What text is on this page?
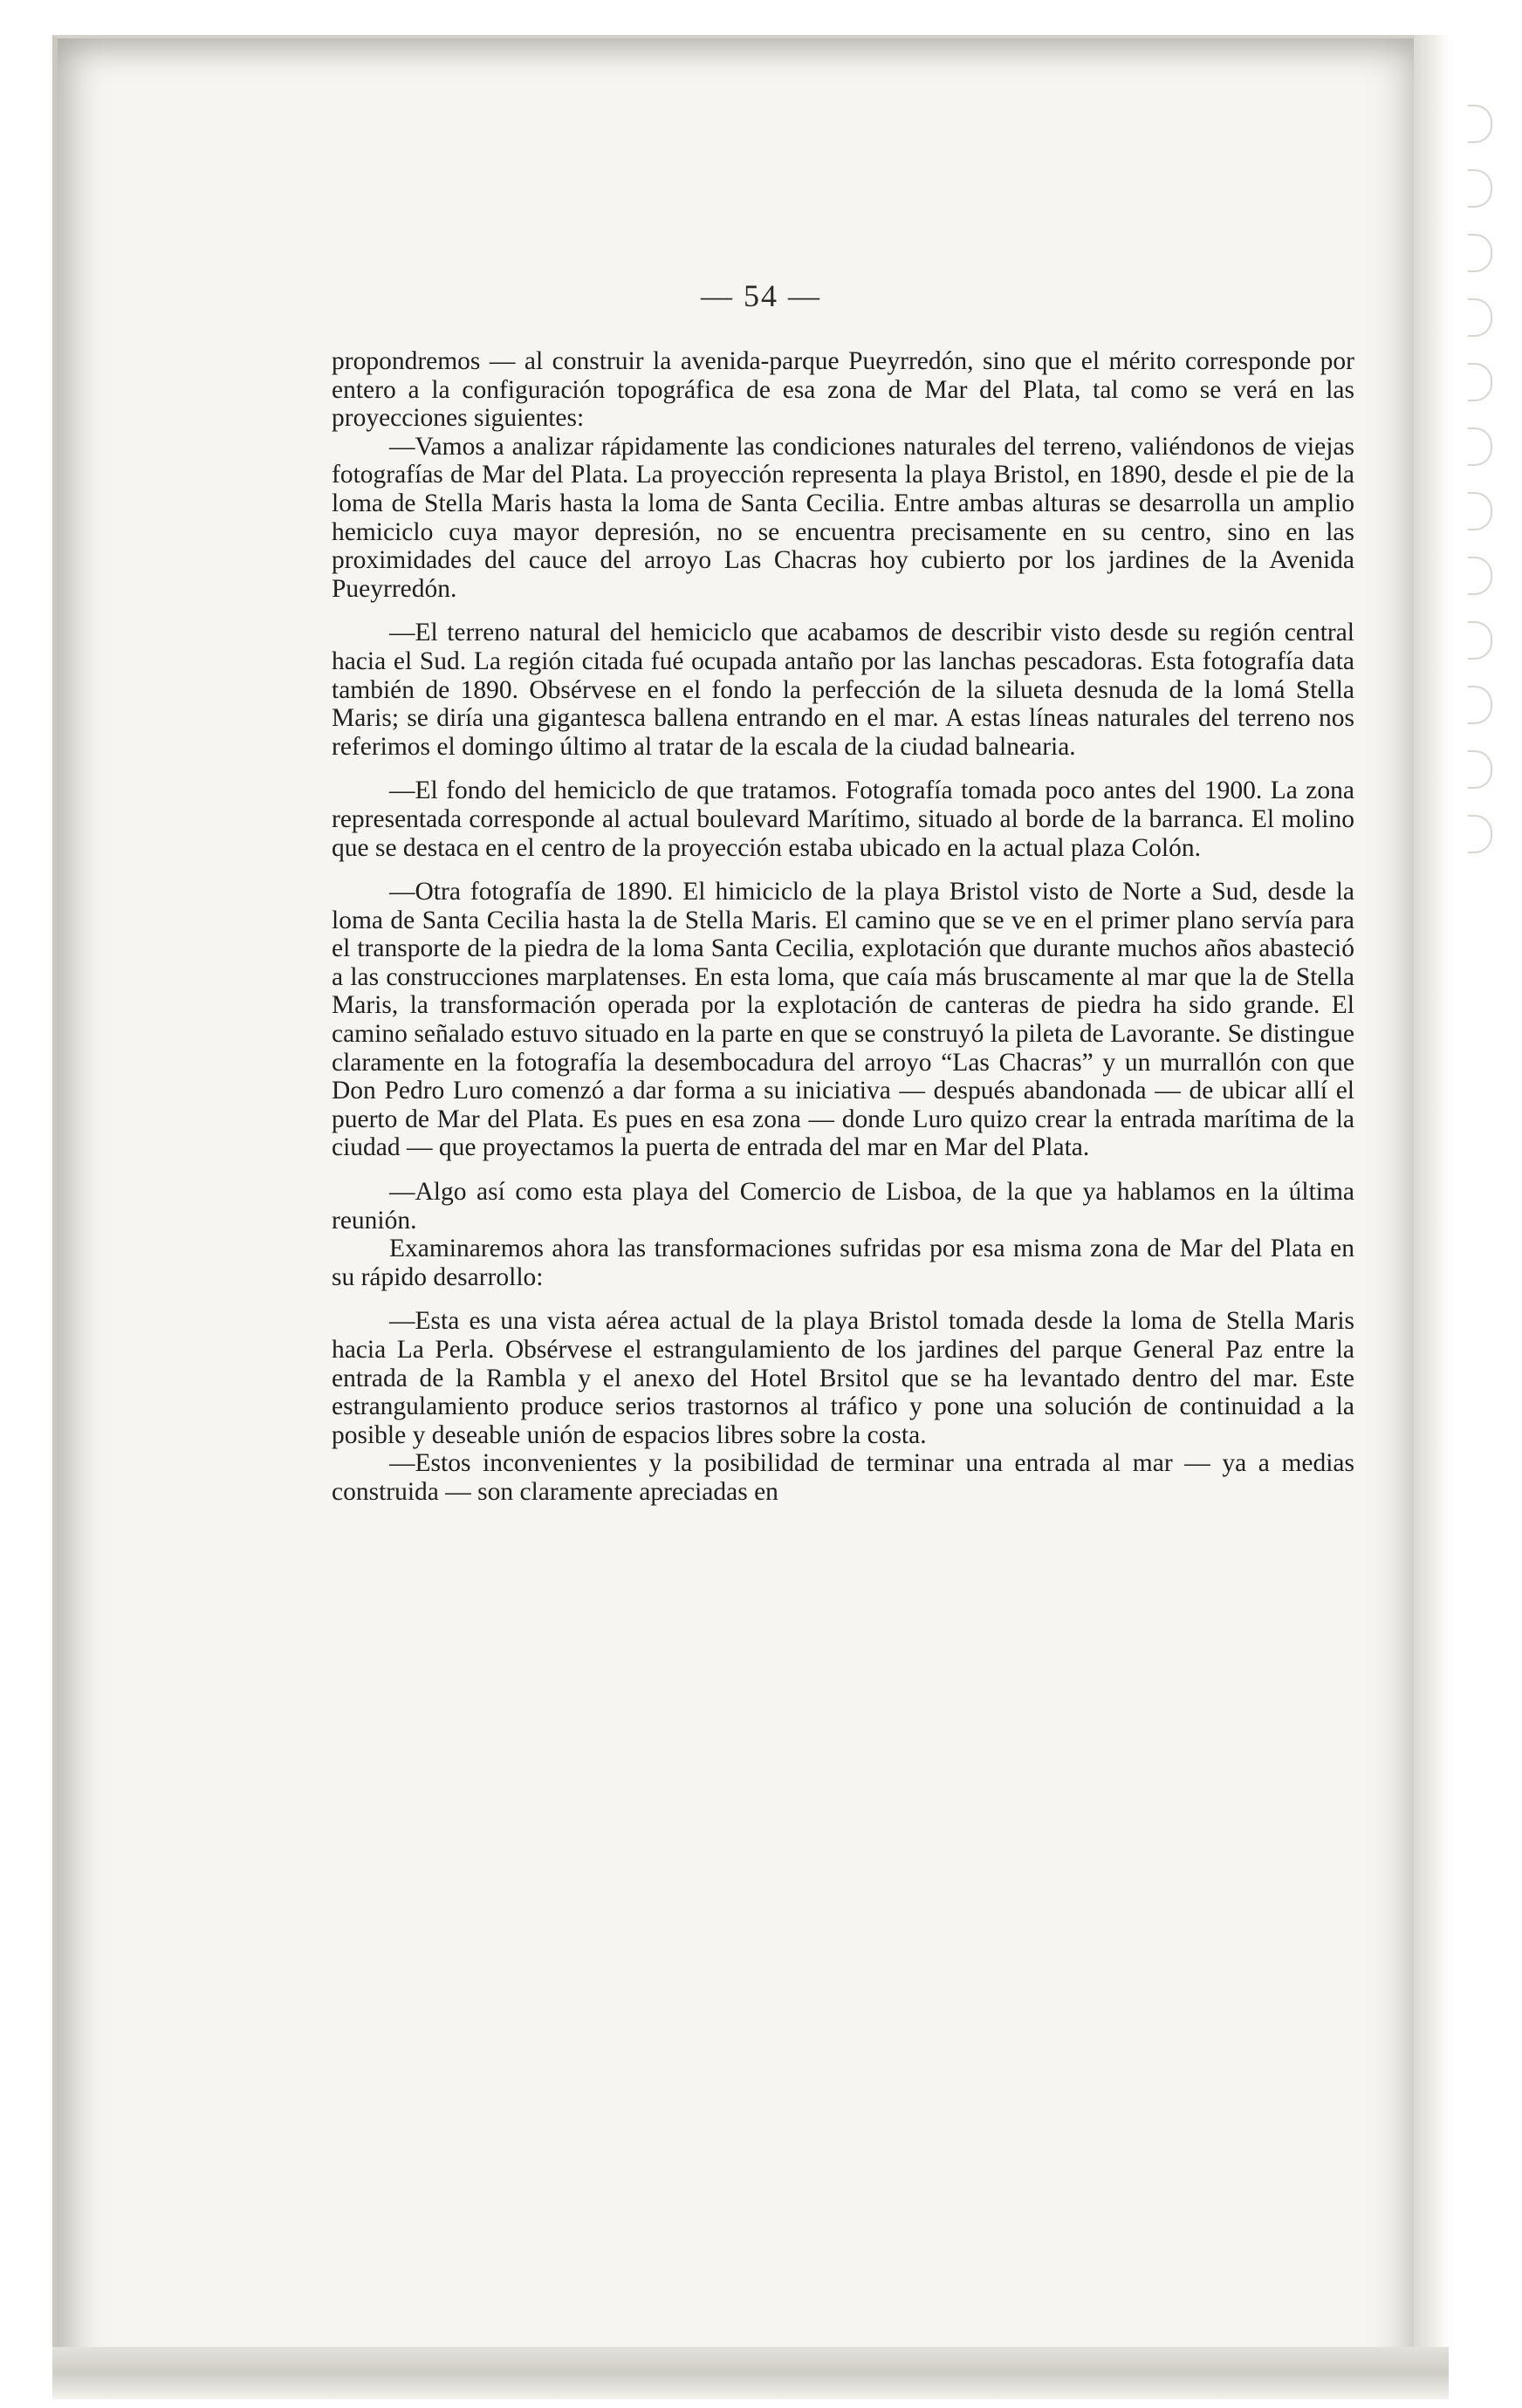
— 54 —

propondremos — al construir la avenida-parque Pueyrredón, sino que el mérito corresponde por entero a la configuración topográfica de esa zona de Mar del Plata, tal como se verá en las proyecciones siguientes:

—Vamos a analizar rápidamente las condiciones naturales del terreno, valiéndonos de viejas fotografías de Mar del Plata. La proyección representa la playa Bristol, en 1890, desde el pie de la loma de Stella Maris hasta la loma de Santa Cecilia. Entre ambas alturas se desarrolla un amplio hemiciclo cuya mayor depresión, no se encuentra precisamente en su centro, sino en las proximidades del cauce del arroyo Las Chacras hoy cubierto por los jardines de la Avenida Pueyrredón.

—El terreno natural del hemiciclo que acabamos de describir visto desde su región central hacia el Sud. La región citada fué ocupada antaño por las lanchas pescadoras. Esta fotografía data también de 1890. Obsérvese en el fondo la perfección de la silueta desnuda de la lomá Stella Maris; se diría una gigantesca ballena entrando en el mar. A estas líneas naturales del terreno nos referimos el domingo último al tratar de la escala de la ciudad balnearia.

—El fondo del hemiciclo de que tratamos. Fotografía tomada poco antes del 1900. La zona representada corresponde al actual boulevard Marítimo, situado al borde de la barranca. El molino que se destaca en el centro de la proyección estaba ubicado en la actual plaza Colón.

—Otra fotografía de 1890. El himiciclo de la playa Bristol visto de Norte a Sud, desde la loma de Santa Cecilia hasta la de Stella Maris. El camino que se ve en el primer plano servía para el transporte de la piedra de la loma Santa Cecilia, explotación que durante muchos años abasteció a las construcciones marplatenses. En esta loma, que caía más bruscamente al mar que la de Stella Maris, la transformación operada por la explotación de canteras de piedra ha sido grande. El camino señalado estuvo situado en la parte en que se construyó la pileta de Lavorante. Se distingue claramente en la fotografía la desembocadura del arroyo “Las Chacras” y un murrallón con que Don Pedro Luro comenzó a dar forma a su iniciativa — después abandonada — de ubicar allí el puerto de Mar del Plata. Es pues en esa zona — donde Luro quizo crear la entrada marítima de la ciudad — que proyectamos la puerta de entrada del mar en Mar del Plata.

—Algo así como esta playa del Comercio de Lisboa, de la que ya hablamos en la última reunión.

Examinaremos ahora las transformaciones sufridas por esa misma zona de Mar del Plata en su rápido desarrollo:

—Esta es una vista aérea actual de la playa Bristol tomada desde la loma de Stella Maris hacia La Perla. Obsérvese el estrangulamiento de los jardines del parque General Paz entre la entrada de la Rambla y el anexo del Hotel Brsitol que se ha levantado dentro del mar. Este estrangulamiento produce serios trastornos al tráfico y pone una solución de continuidad a la posible y deseable unión de espacios libres sobre la costa.

—Estos inconvenientes y la posibilidad de terminar una entrada al mar — ya a medias construida — son claramente apreciadas en
